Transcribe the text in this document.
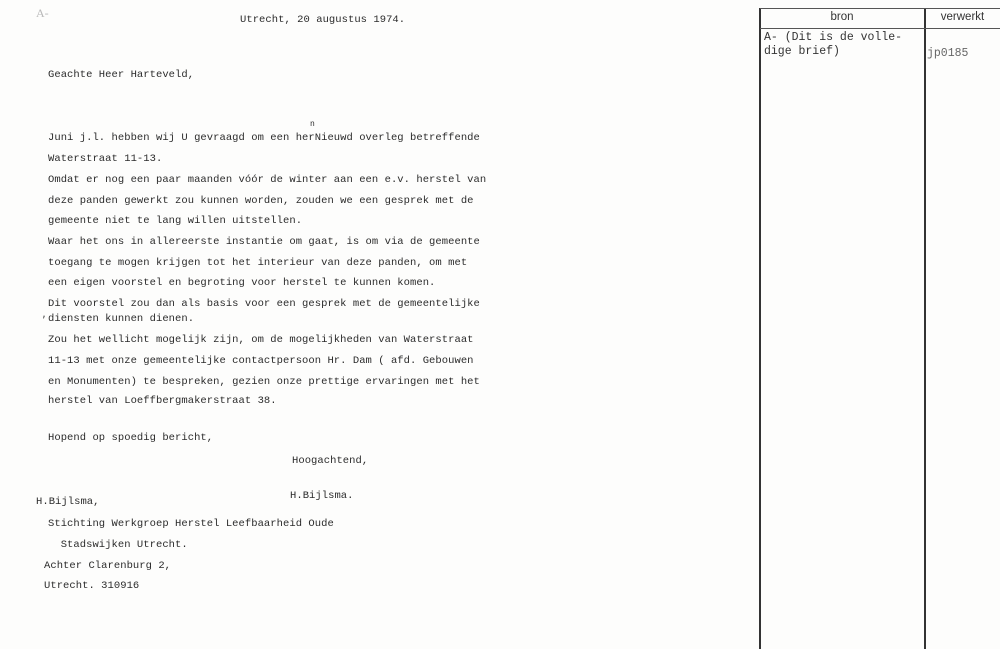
A-	Utrecht, 20 augustus 1974.
Geachte Heer Harteveld,
n
Juni j.l. hebben wij U gevraagd om een herNieuwd overleg betreffende
Waterstraat 11-13.
Omdat er nog een paar maanden vóór de winter aan een e.v. herstel van
deze panden gewerkt zou kunnen worden, zouden we een gesprek met de
gemeente niet te lang willen uitstellen.
Waar het ons in allereerste instantie om gaat, is om via de gemeente
toegang te mogen krijgen tot het interieur van deze panden, om met
een eigen voorstel en begroting voor herstel te kunnen komen.
Dit voorstel zou dan als basis voor een gesprek met de gemeentelijke
diensten kunnen dienen.
Zou het wellicht mogelijk zijn, om de mogelijkheden van Waterstraat
11-13 met onze gemeentelijke contactpersoon Hr. Dam ( afd. Gebouwen
en Monumenten) te bespreken, gezien onze prettige ervaringen met het
herstel van Loeffbergmakerstraat 38.
,
Hopend op spoedig bericht,
Hoogachtend,
H.Bijlsma.
H.Bijlsma,
Stichting Werkgroep Herstel Leefbaarheid Oude
Stadswijken Utrecht.
Achter Clarenburg 2,
Utrecht. 310916
bron	verwerkt
A- (Dit is de volle-
dige brief)	jp0185
